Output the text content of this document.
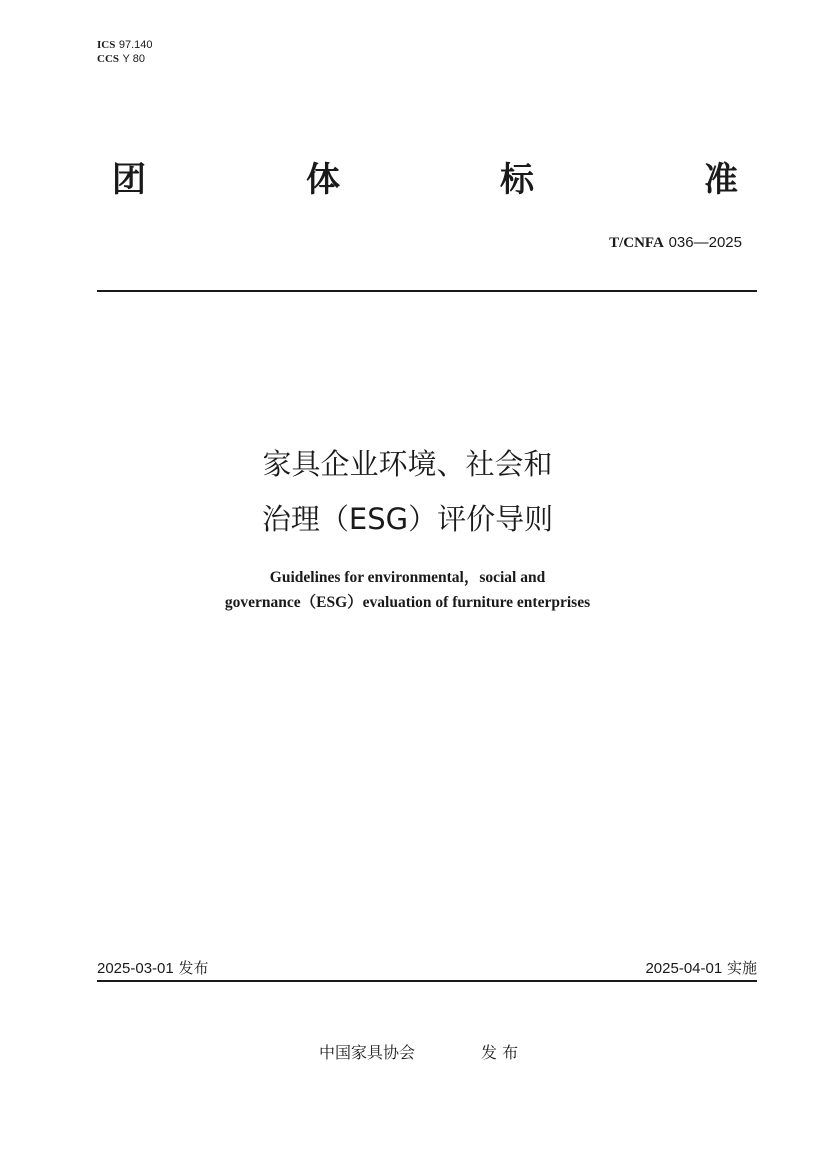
ICS 97.140
CCS Y 80
团	体	标	准
T/CNFA 036—2025
家具企业环境、社会和
治理（ESG）评价导则
Guidelines for environmental，social and
governance（ESG）evaluation of furniture enterprises
2025-03-01 发布	2025-04-01 实施
中国家具协会	发 布
